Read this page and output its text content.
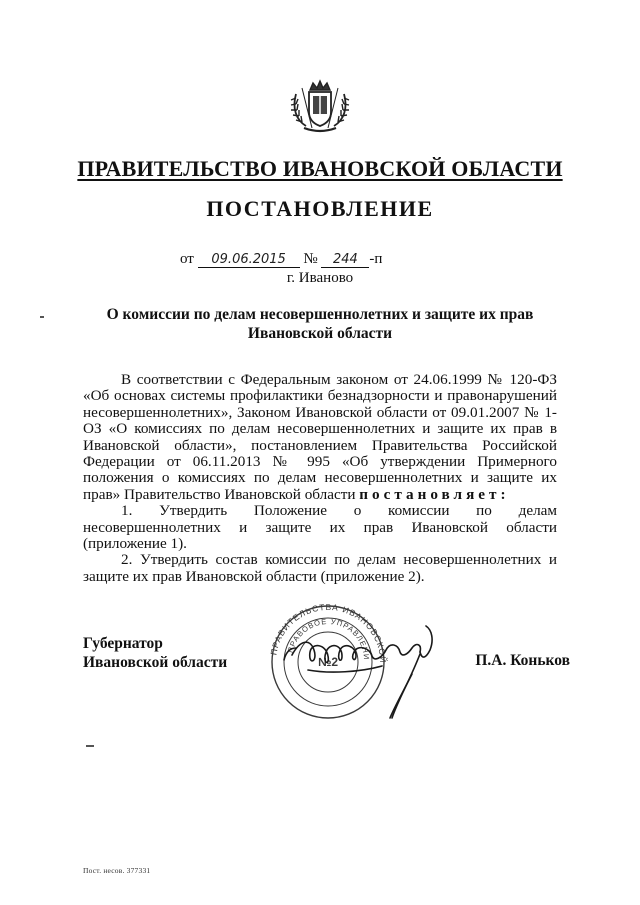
ПРАВИТЕЛЬСТВО ИВАНОВСКОЙ ОБЛАСТИ
ПОСТАНОВЛЕНИЕ
от 09.06.2015 № 244 -п
г. Иваново
О комиссии по делам несовершеннолетних и защите их прав
Ивановской области

В соответствии с Федеральным законом от 24.06.1999 № 120-ФЗ «Об основах системы профилактики безнадзорности и правонарушений несовершеннолетних», Законом Ивановской области от 09.01.2007 № 1-ОЗ «О комиссиях по делам несовершеннолетних и защите их прав в Ивановской области», постановлением Правительства Российской Федерации от 06.11.2013 № 995 «Об утверждении Примерного положения о комиссиях по делам несовершеннолетних и защите их прав» Правительство Ивановской области постановляет:

1. Утвердить Положение о комиссии по делам несовершеннолетних и защите их прав Ивановской области (приложение 1).

2. Утвердить состав комиссии по делам несовершеннолетних и защите их прав Ивановской области (приложение 2).

Губернатор
Ивановской области
ПРАВИТЕЛЬСТВА ИВАНОВСКОЙ
ПРАВОВОЕ УПРАВЛЕНИ
№2	П.А. Коньков
Пост. несов. 377331
